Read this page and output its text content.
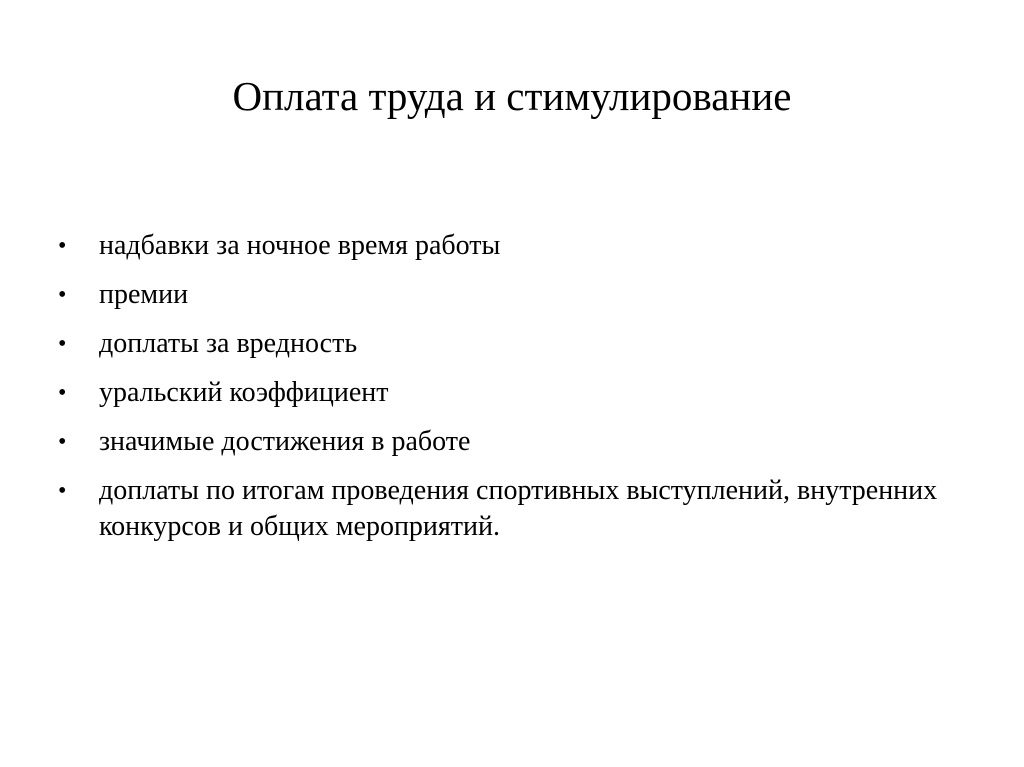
Оплата труда и стимулирование
• надбавки за ночное время работы
• премии
• доплаты за вредность
• уральский коэффициент
• значимые достижения в работе
• доплаты по итогам проведения спортивных выступлений, внутренних конкурсов и общих мероприятий.
